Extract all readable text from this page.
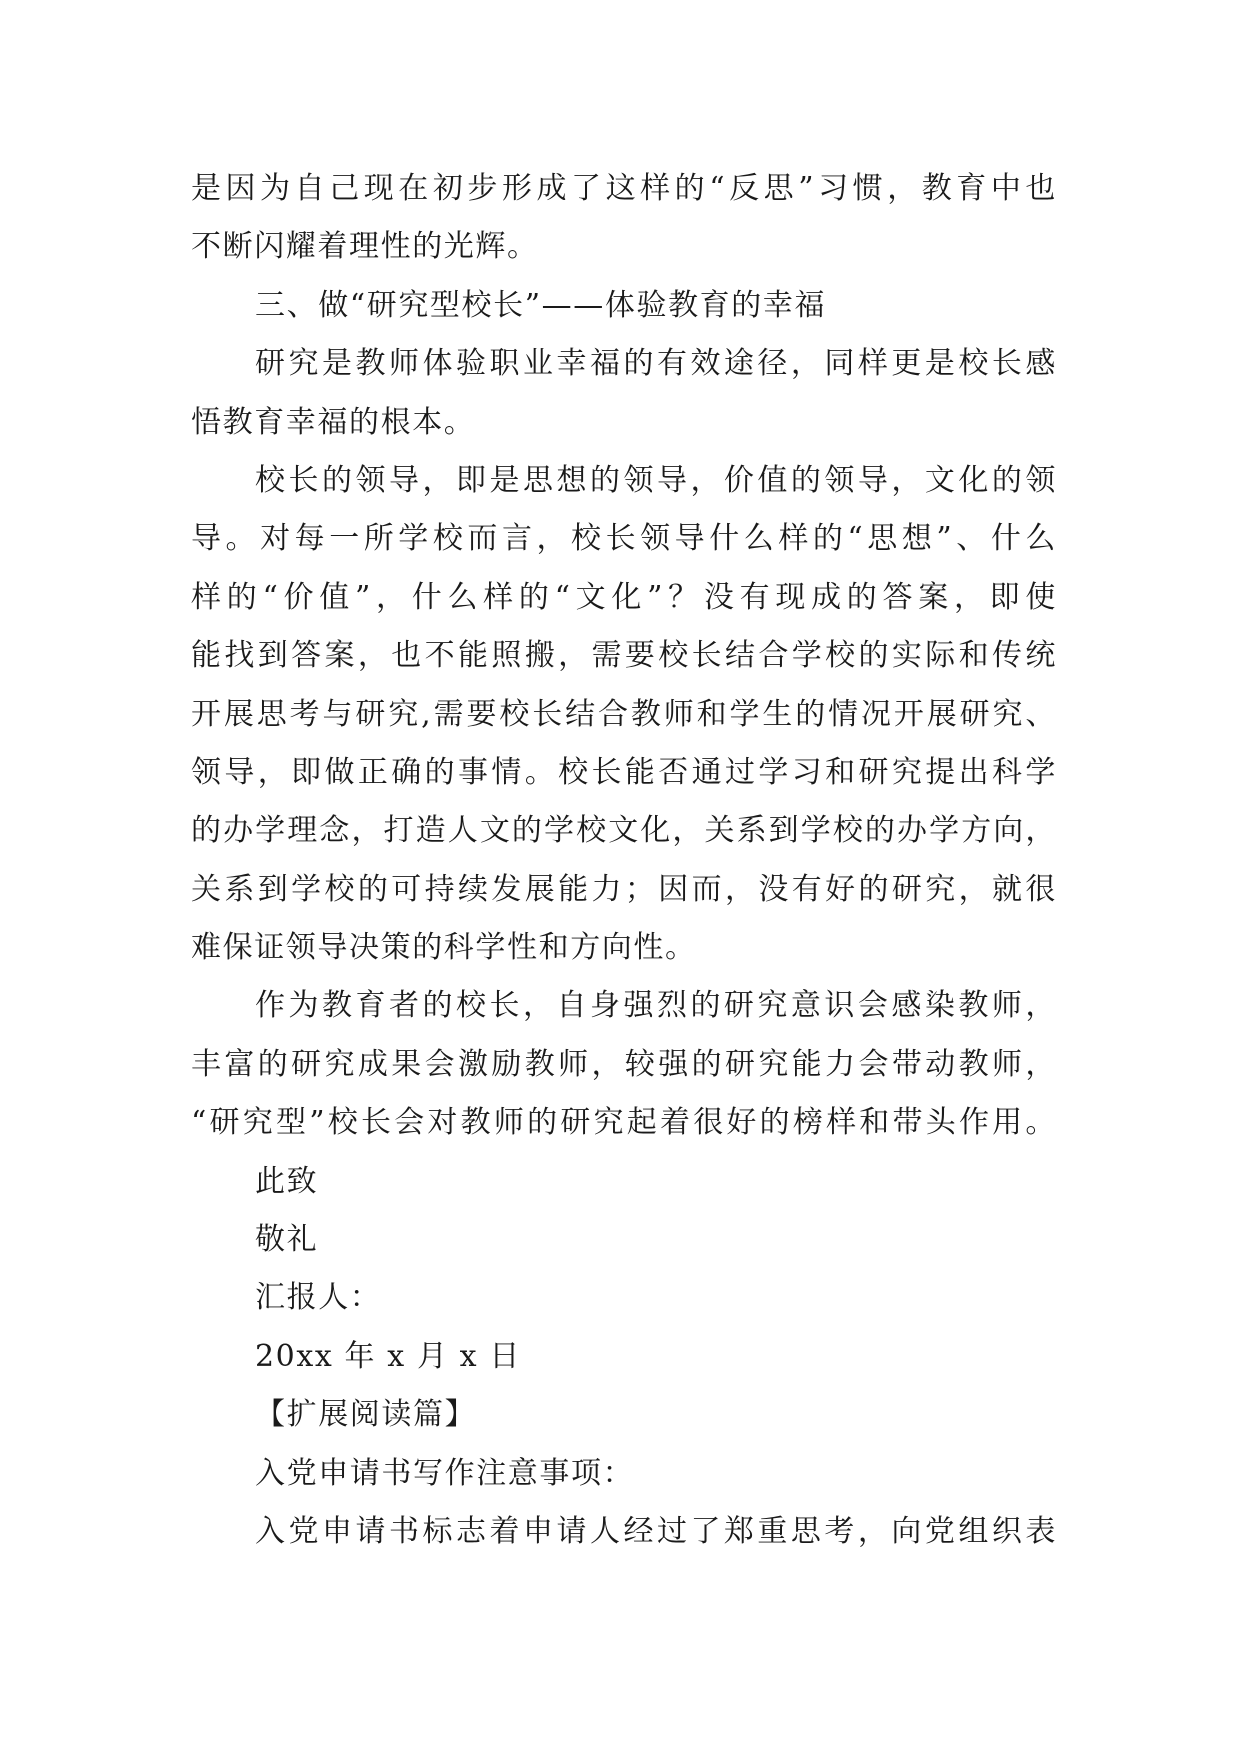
是因为自己现在初步形成了这样的“反思”习惯，教育中也
不断闪耀着理性的光辉。
三、做“研究型校长”——体验教育的幸福
研究是教师体验职业幸福的有效途径，同样更是校长感
悟教育幸福的根本。
校长的领导，即是思想的领导，价值的领导，文化的领
导。对每一所学校而言，校长领导什么样的“思想”、什么
样的“价值”，什么样的“文化”？没有现成的答案，即使
能找到答案，也不能照搬，需要校长结合学校的实际和传统
开展思考与研究,需要校长结合教师和学生的情况开展研究、
领导，即做正确的事情。校长能否通过学习和研究提出科学
的办学理念，打造人文的学校文化，关系到学校的办学方向，
关系到学校的可持续发展能力；因而，没有好的研究，就很
难保证领导决策的科学性和方向性。
作为教育者的校长，自身强烈的研究意识会感染教师，
丰富的研究成果会激励教师，较强的研究能力会带动教师，
“研究型”校长会对教师的研究起着很好的榜样和带头作用。
此致
敬礼
汇报人：
20xx 年 x 月 x 日
【扩展阅读篇】
入党申请书写作注意事项：
入党申请书标志着申请人经过了郑重思考，向党组织表
